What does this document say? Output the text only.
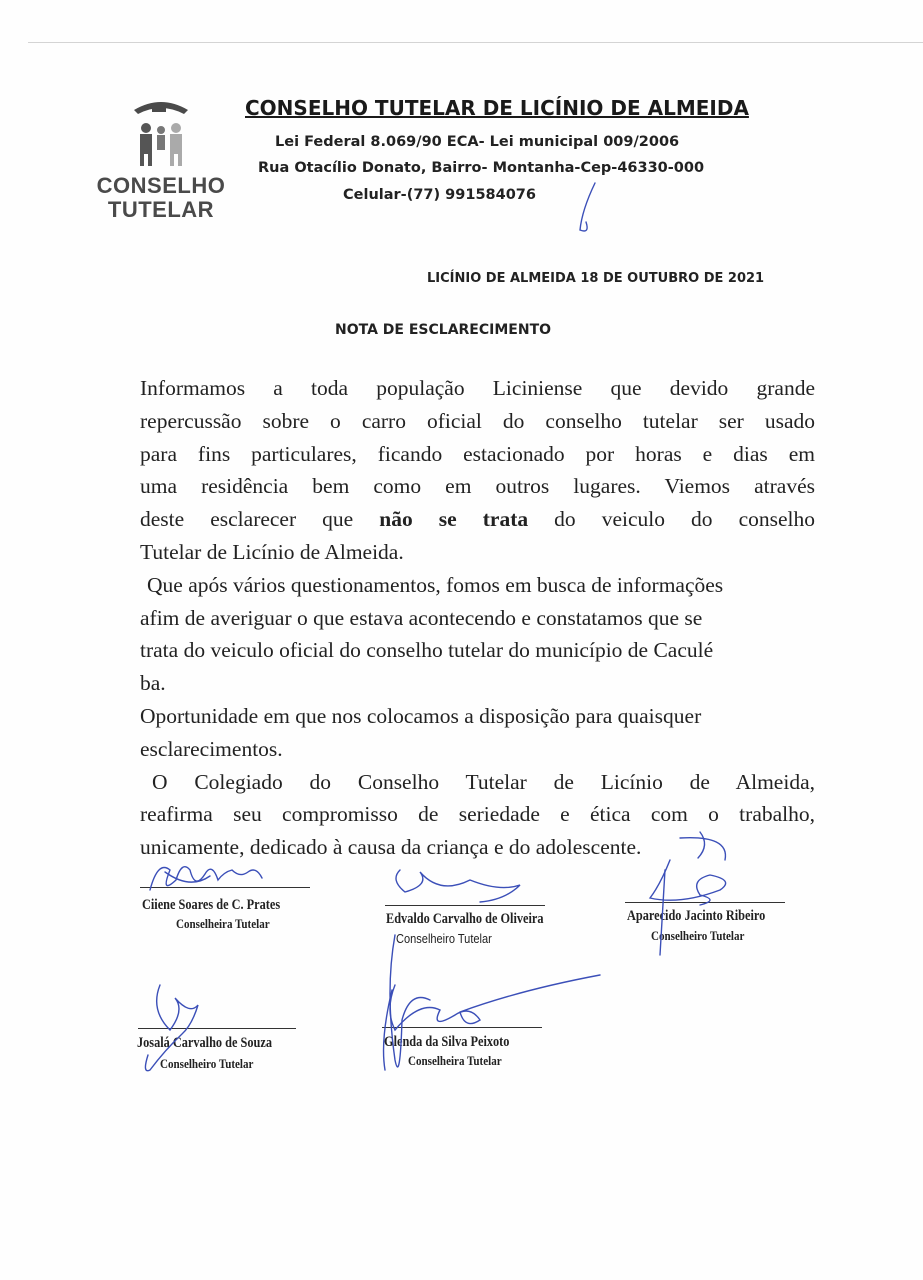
CONSELHO
TUTELAR
CONSELHO TUTELAR DE LICÍNIO DE ALMEIDA
Lei Federal 8.069/90 ECA- Lei municipal 009/2006
Rua Otacílio Donato, Bairro- Montanha-Cep-46330-000
Celular-(77) 991584076
LICÍNIO DE ALMEIDA 18 DE OUTUBRO DE 2021
NOTA DE ESCLARECIMENTO

Informamos a toda população Liciniense que devido grande

repercussão sobre o carro oficial do conselho tutelar ser usado

para fins particulares, ficando estacionado por horas e dias em

uma residência bem como em outros lugares. Viemos através

deste esclarecer que não se trata do veiculo do conselho

Tutelar de Licínio de Almeida.

Que após vários questionamentos, fomos em busca de informações

afim de averiguar o que estava acontecendo e constatamos que se

trata do veiculo oficial do conselho tutelar do município de Caculé

ba.

Oportunidade em que nos colocamos a disposição para quaisquer

esclarecimentos.

O Colegiado do Conselho Tutelar de Licínio de Almeida,

reafirma seu compromisso de seriedade e ética com o trabalho,

unicamente, dedicado à causa da criança e do adolescente.

Ciiene Soares de C. Prates
Conselheira Tutelar	Edvaldo Carvalho de Oliveira
Conselheiro Tutelar
Aparecido Jacinto Ribeiro
Conselheiro Tutelar
Josalá Carvalho de Souza
Conselheiro Tutelar
Glenda da Silva Peixoto
Conselheira Tutelar
